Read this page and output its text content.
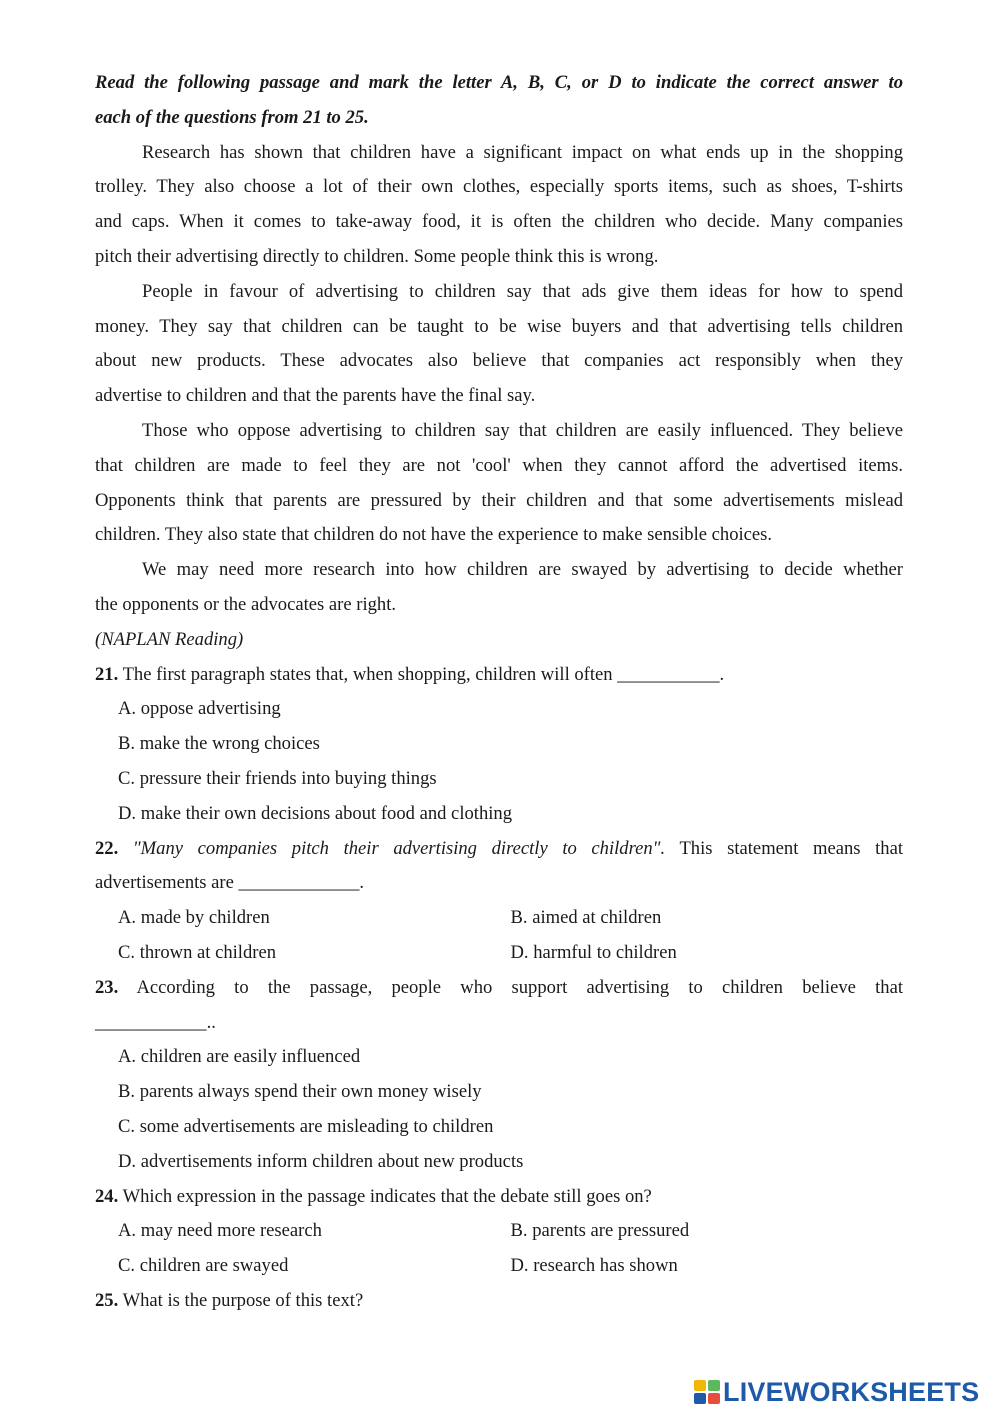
Read the following passage and mark the letter A, B, C, or D to indicate the correct answer to

each of the questions from 21 to 25.

Research has shown that children have a significant impact on what ends up in the shopping

trolley. They also choose a lot of their own clothes, especially sports items, such as shoes, T-shirts

and caps. When it comes to take-away food, it is often the children who decide. Many companies

pitch their advertising directly to children. Some people think this is wrong.

People in favour of advertising to children say that ads give them ideas for how to spend

money. They say that children can be taught to be wise buyers and that advertising tells children

about new products. These advocates also believe that companies act responsibly when they

advertise to children and that the parents have the final say.

Those who oppose advertising to children say that children are easily influenced. They believe

that children are made to feel they are not 'cool' when they cannot afford the advertised items.

Opponents think that parents are pressured by their children and that some advertisements mislead

children. They also state that children do not have the experience to make sensible choices.

We may need more research into how children are swayed by advertising to decide whether

the opponents or the advocates are right.

(NAPLAN Reading)

21. The first paragraph states that, when shopping, children will often ___________.

A. oppose advertising

B. make the wrong choices

C. pressure their friends into buying things

D. make their own decisions about food and clothing

22. "Many companies pitch their advertising directly to children". This statement means that

advertisements are _____________.

A. made by children	B. aimed at children

C. thrown at children	D. harmful to children

23. According to the passage, people who support advertising to children believe that

____________..

A. children are easily influenced

B. parents always spend their own money wisely

C. some advertisements are misleading to children

D. advertisements inform children about new products

24. Which expression in the passage indicates that the debate still goes on?

A. may need more research	B. parents are pressured

C. children are swayed	D. research has shown

25. What is the purpose of this text?

LIVEWORKSHEETS
